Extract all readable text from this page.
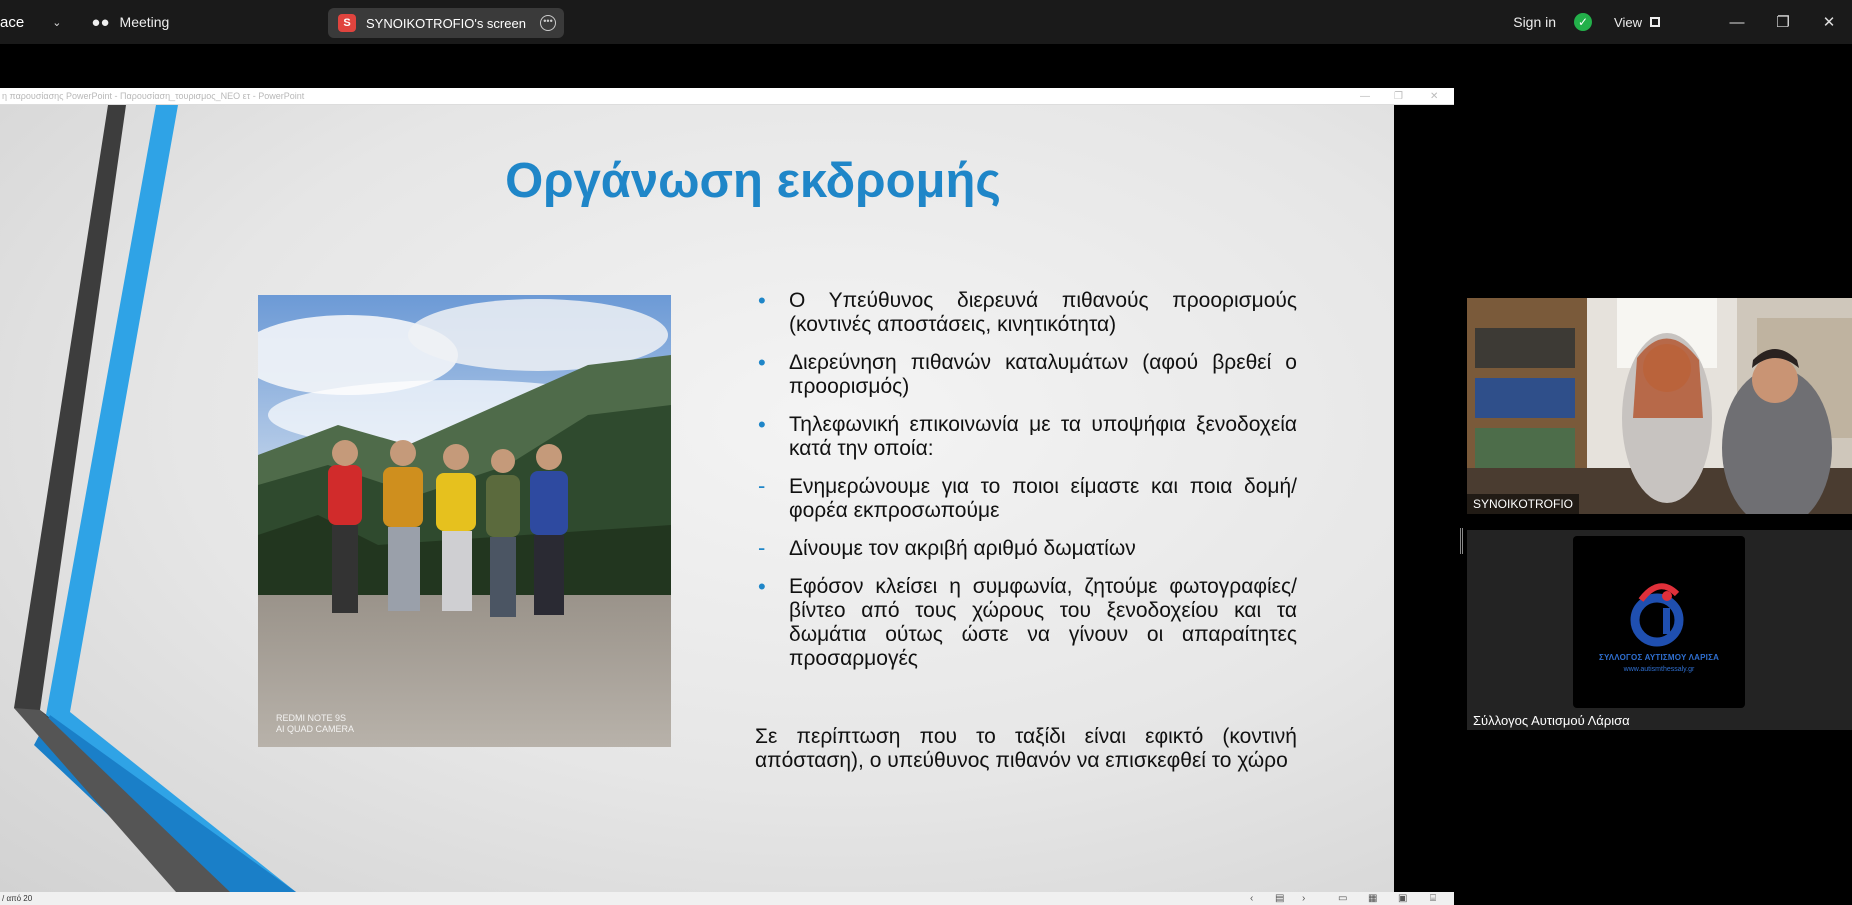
ace	⌄ ●​● Meeting	S	SYNOIKOTROFIO's screen	•••	Sign in	✓	View	—	❐	✕
η παρουσίασης PowerPoint - Παρουσίαση_τουρισμος_ΝΕΟ ετ - PowerPoint	— ❐	✕
Οργάνωση εκδρομής
REDMI NOTE 9S
AI QUAD CAMERA
• Ο Υπεύθυνος διερευνά πιθανούς προορισμούς (κοντινές αποστάσεις, κινητικότητα)
• Διερεύνηση πιθανών καταλυμάτων (αφού βρεθεί ο προορισμός)
• Τηλεφωνική επικοινωνία με τα υποψήφια ξενοδοχεία κατά την οποία:
- Ενημερώνουμε για το ποιοι είμαστε και ποια δομή/φορέα εκπροσωπούμε
- Δίνουμε τον ακριβή αριθμό δωματίων
• Εφόσον κλείσει η συμφωνία, ζητούμε φωτογραφίες/βίντεο από τους χώρους του ξενοδοχείου και τα δωμάτια ούτως ώστε να γίνουν οι απαραίτητες προσαρμογές
Σε περίπτωση που το ταξίδι είναι εφικτό (κοντινή απόσταση), ο υπεύθυνος πιθανόν να επισκεφθεί το χώρο
/ από 20	‹ ▤ ›	▭ ▦ ▣ ⌸
SYNOIKOTROFIO
ΣΥΛΛΟΓΟΣ ΑΥΤΙΣΜΟΥ ΛΑΡΙΣΑ
www.autismthessaly.gr
Σύλλογος Αυτισμού Λάρισα
